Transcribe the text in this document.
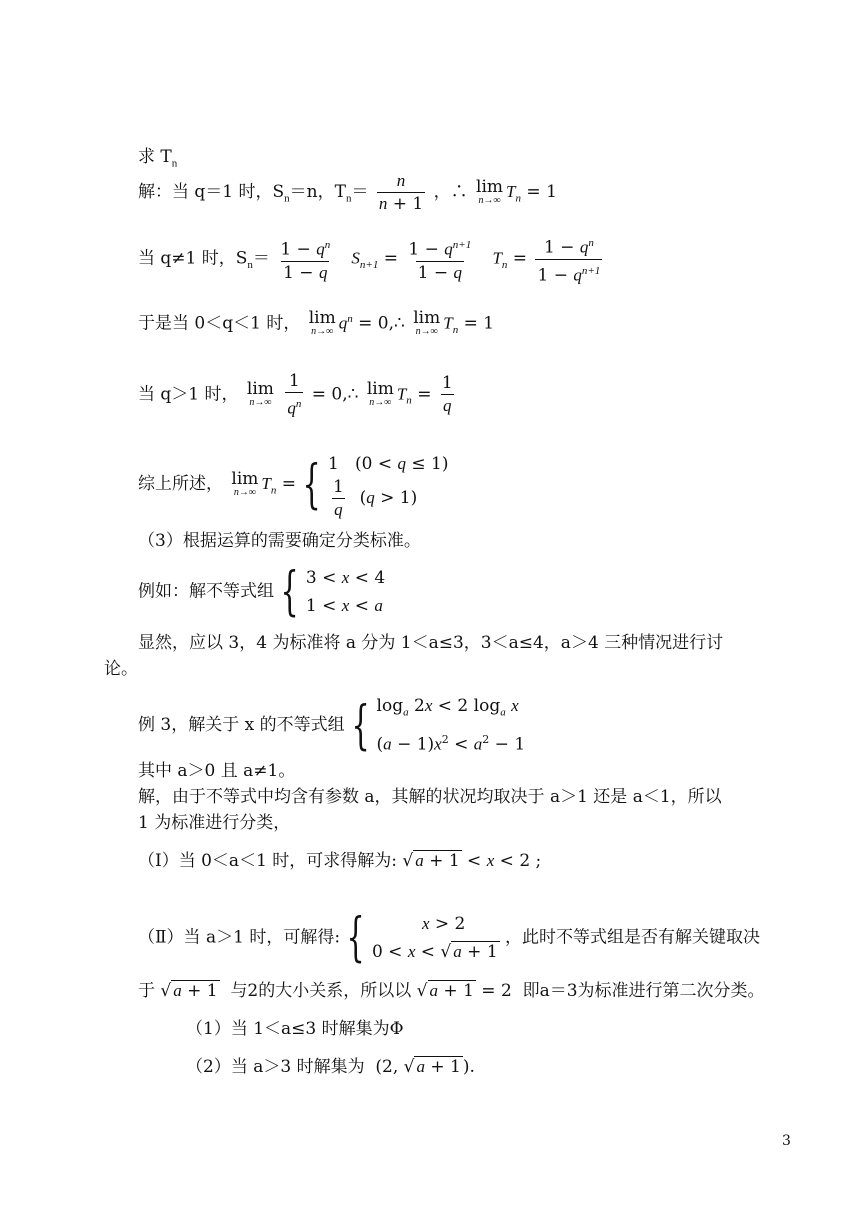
求 $T_n$
解：当 q＝1 时，$S_n=n$，$T_n= \frac{n}{n + 1}$ ，∴ lim
n→∞ $T_n = 1$
当 q≠1 时，$S_n= \frac{1 - q^n}{1 - q} S_{n+1} = \frac{1 - q^{n+1}}{1 - q} T_n = \frac{1 - q^n}{1 - q^{n+1}}$
于是当 0＜q＜1 时， lim
n→∞ $q^n$ = 0,∴ lim
n→∞ $T_n = 1$
当 q＞1 时， lim
n→∞
$\frac{1}{q^n}$ = 0,∴ lim
n→∞ $T_n = \frac{1}{q}$
综上所述， lim
n→∞ $T_n$ = { 1   (0 < q ≤ 1)
$\frac{1}{q} (q > 1)$
（3）根据运算的需要确定分类标准。
例如：解不等式组 { 3 < x < 4
1 < x < a
显然，应以 3，4 为标准将 a 分为 1＜a≤3，3＜a≤4，a＞4 三种情况进行讨
论。
例 3，解关于 x 的不等式组 { $\log_a 2x < 2$ $\log_a x$
$(a - 1)x^2 < a^2 - 1$
其中 a＞0 且 a≠1。
解，由于不等式中均含有参数 a，其解的状况均取决于 a＞1 还是 a＜1，所以
1 为标准进行分类，
（Ⅰ）当 0＜a＜1 时，可求得解为: √ a + 1 < x < 2 ;
（Ⅱ）当 a＞1 时，可解得: {	x > 2
0 < x < √ a + 1
，此时不等式组是否有解关键取决
于 √ a + 1 与2的大小关系，所以以 √ a + 1 = 2  即a＝3为标准进行第二次分类。
（1）当 1＜a≤3 时解集为Φ
（2）当 a＞3 时解集为  (2, √ a + 1 ).
3
